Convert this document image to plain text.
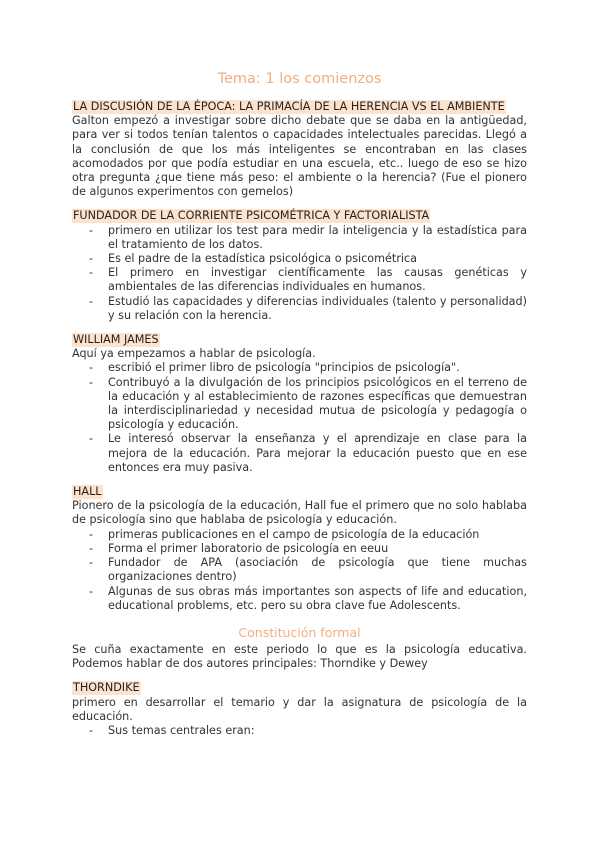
Tema: 1 los comienzos
LA DISCUSIÓN DE LA ÉPOCA: LA PRIMACÍA DE LA HERENCIA VS EL AMBIENTE

Galton empezó a investigar sobre dicho debate que se daba en la antigüedad, para ver si todos tenían talentos o capacidades intelectuales parecidas. Llegó a la conclusión de que los más inteligentes se encontraban en las clases acomodados por que podía estudiar en una escuela, etc.. luego de eso se hizo otra pregunta ¿que tiene más peso: el ambiente o la herencia? (Fue el pionero de algunos experimentos con gemelos)

FUNDADOR DE LA CORRIENTE PSICOMÉTRICA Y FACTORIALISTA
- primero en utilizar los test para medir la inteligencia y la estadística para el tratamiento de los datos.
- Es el padre de la estadística psicológica o psicométrica
- El primero en investigar científicamente las causas genéticas y ambientales de las diferencias individuales en humanos.
- Estudió las capacidades y diferencias individuales (talento y personalidad) y su relación con la herencia.
WILLIAM JAMES

Aquí ya empezamos a hablar de psicología.

- escribió el primer libro de psicología "principios de psicología".
- Contribuyó a la divulgación de los principios psicológicos en el terreno de la educación y al establecimiento de razones específicas que demuestran la interdisciplinariedad y necesidad mutua de psicología y pedagogía o psicología y educación.
- Le interesó observar la enseñanza y el aprendizaje en clase para la mejora de la educación. Para mejorar la educación puesto que en ese entonces era muy pasiva.
HALL

Pionero de la psicología de la educación, Hall fue el primero que no solo hablaba de psicología sino que hablaba de psicología y educación.

- primeras publicaciones en el campo de psicología de la educación
- Forma el primer laboratorio de psicología en eeuu
- Fundador de APA (asociación de psicología que tiene muchas organizaciones dentro)
- Algunas de sus obras más importantes son aspects of life and education, educational problems, etc. pero su obra clave fue Adolescents.
Constitución formal

Se cuña exactamente en este periodo lo que es la psicología educativa. Podemos hablar de dos autores principales: Thorndike y Dewey

THORNDIKE

primero en desarrollar el temario y dar la asignatura de psicología de la educación.

- Sus temas centrales eran:
